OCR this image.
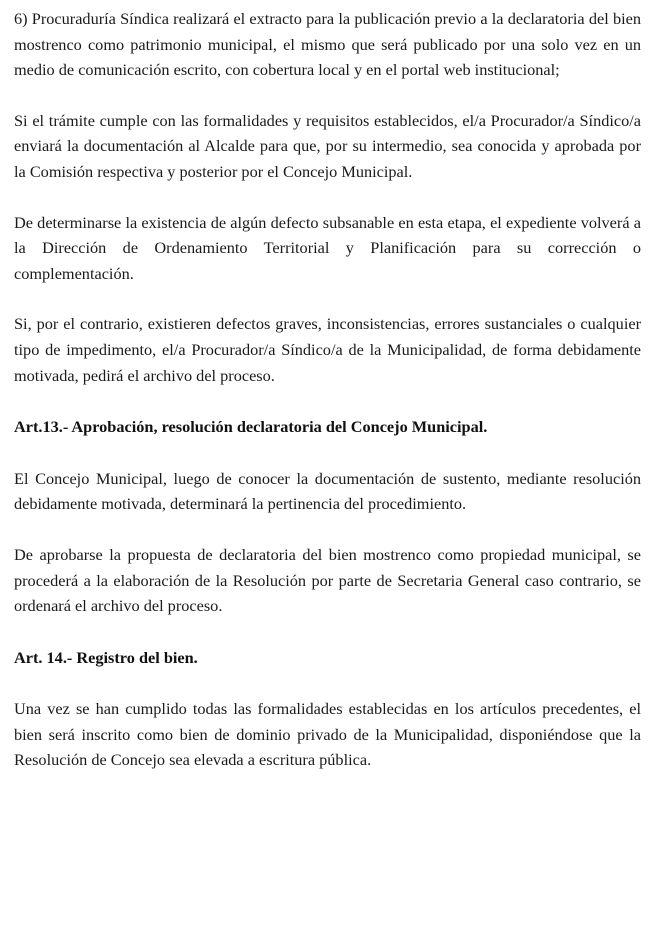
6) Procuraduría Síndica realizará el extracto para la publicación previo a la declaratoria del bien mostrenco como patrimonio municipal, el mismo que será publicado por una solo vez en un medio de comunicación escrito, con cobertura local y en el portal web institucional;

Si el trámite cumple con las formalidades y requisitos establecidos, el/a Procurador/a Síndico/a enviará la documentación al Alcalde para que, por su intermedio, sea conocida y aprobada por la Comisión respectiva y posterior por el Concejo Municipal.

De determinarse la existencia de algún defecto subsanable en esta etapa, el expediente volverá a la Dirección de Ordenamiento Territorial y Planificación para su corrección o complementación.

Si, por el contrario, existieren defectos graves, inconsistencias, errores sustanciales o cualquier tipo de impedimento, el/a Procurador/a Síndico/a de la Municipalidad, de forma debidamente motivada, pedirá el archivo del proceso.

Art.13.- Aprobación, resolución declaratoria del Concejo Municipal.

El Concejo Municipal, luego de conocer la documentación de sustento, mediante resolución debidamente motivada, determinará la pertinencia del procedimiento.

De aprobarse la propuesta de declaratoria del bien mostrenco como propiedad municipal, se procederá a la elaboración de la Resolución por parte de Secretaria General caso contrario, se ordenará el archivo del proceso.

Art. 14.- Registro del bien.

Una vez se han cumplido todas las formalidades establecidas en los artículos precedentes, el bien será inscrito como bien de dominio privado de la Municipalidad, disponiéndose que la Resolución de Concejo sea elevada a escritura pública.
